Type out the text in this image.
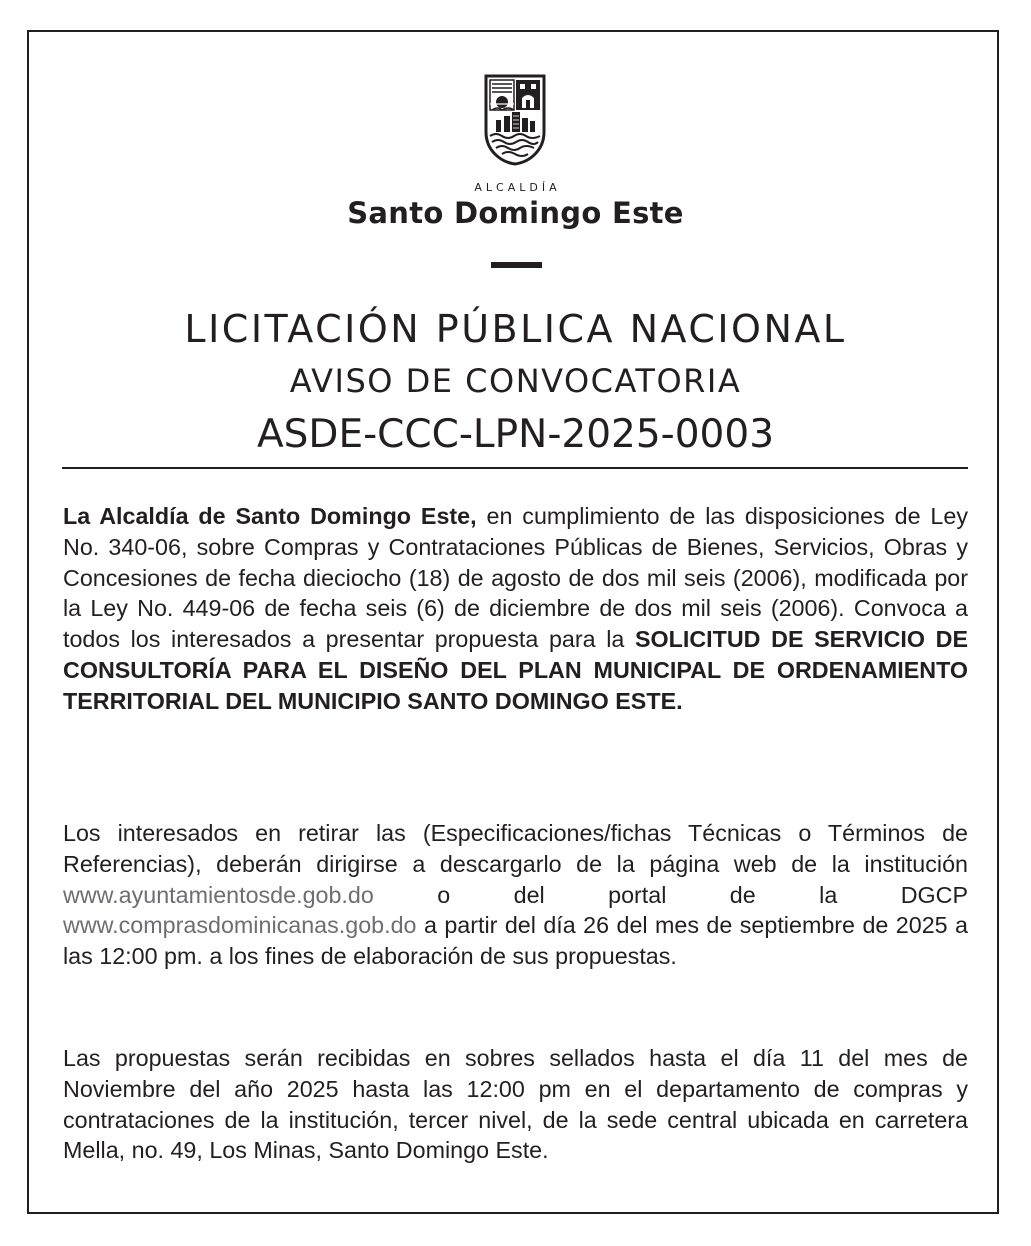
ALCALDÍA
Santo Domingo Este
LICITACIÓN PÚBLICA NACIONAL
AVISO DE CONVOCATORIA
ASDE-CCC-LPN-2025-0003

La Alcaldía de Santo Domingo Este, en cumplimiento de las disposiciones de Ley No. 340-06, sobre Compras y Contrataciones Públicas de Bienes, Servicios, Obras y Concesiones de fecha dieciocho (18) de agosto de dos mil seis (2006), modificada por la Ley No. 449-06 de fecha seis (6) de diciembre de dos mil seis (2006). Convoca a todos los interesados a presentar propuesta para la SOLICITUD DE SERVICIO DE CONSULTORÍA PARA EL DISEÑO DEL PLAN MUNICIPAL DE ORDENAMIENTO TERRITORIAL DEL MUNICIPIO SANTO DOMINGO ESTE.

Los interesados en retirar las (Especificaciones/fichas Técnicas o Términos de Referencias), deberán dirigirse a descargarlo de la página web de la institución www.ayuntamientosde.gob.do o del portal de la DGCP www.comprasdominicanas.gob.do a partir del día 26 del mes de septiembre de 2025 a las 12:00 pm. a los fines de elaboración de sus propuestas.

Las propuestas serán recibidas en sobres sellados hasta el día 11 del mes de Noviembre del año 2025 hasta las 12:00 pm en el departamento de compras y contrataciones de la institución, tercer nivel, de la sede central ubicada en carretera Mella, no. 49, Los Minas, Santo Domingo Este.
